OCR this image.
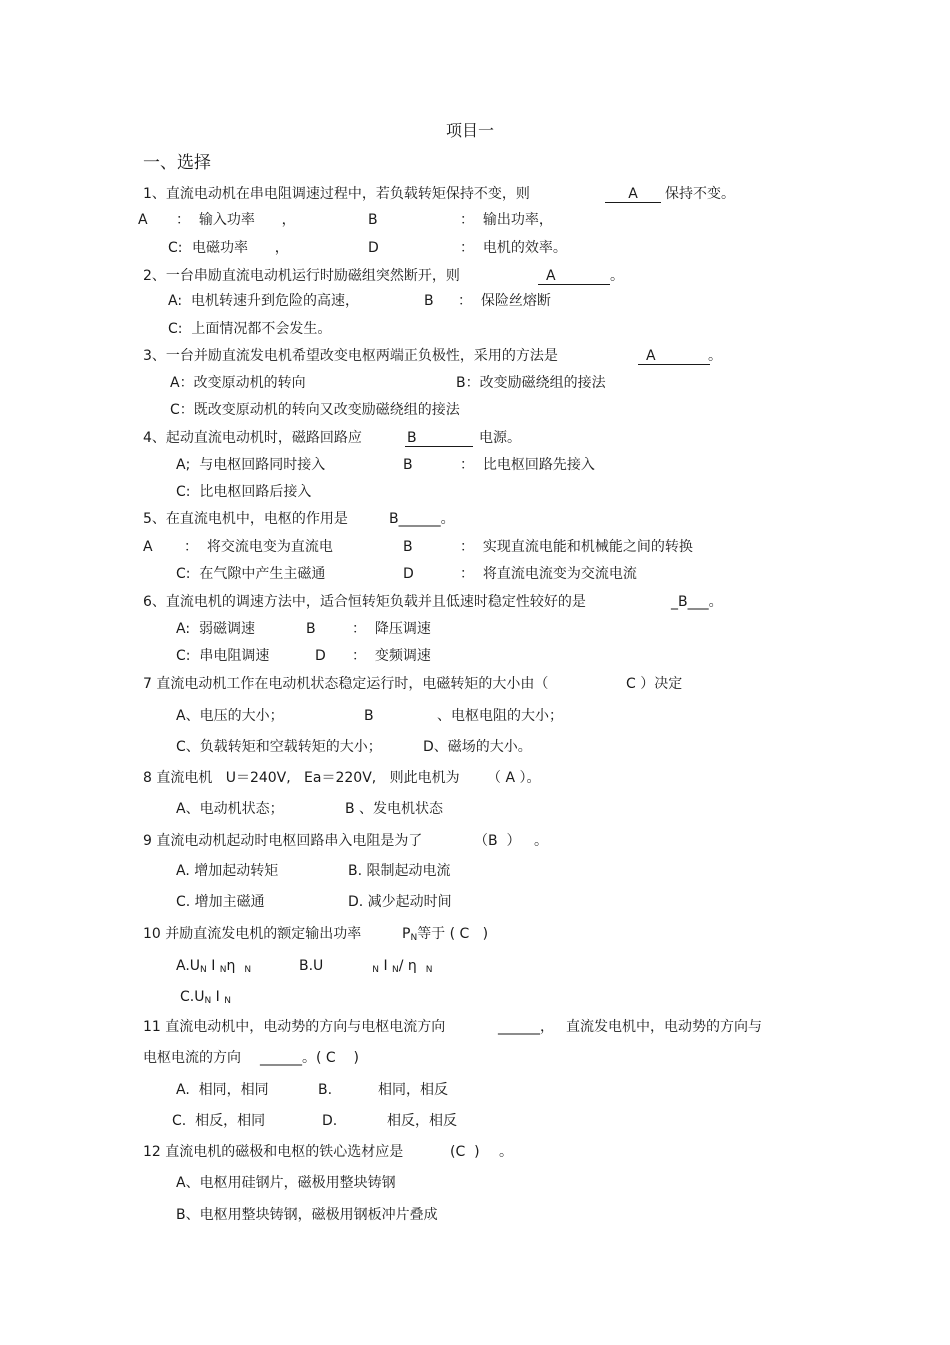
项目一
一、选择
1、直流电动机在串电阻调速过程中，若负载转矩保持不变，则	A	保持不变。
A ：  输入功率      ，	B	：  输出功率，
C: 电磁功率      ，	D	：  电机的效率。
2、一台串励直流电动机运行时励磁组突然断开，则	A	。
A:  电机转速升到危险的高速，	B ：  保险丝熔断
C:  上面情况都不会发生。
3、一台并励直流发电机希望改变电枢两端正负极性，采用的方法是	A	。
A：改变原动机的转向	B：改变励磁绕组的接法
C：既改变原动机的转向又改变励磁绕组的接法
4、起动直流电动机时，磁路回路应	B	电源。
A;  与电枢回路同时接入	B	：  比电枢回路先接入
C:  比电枢回路后接入
5、在直流电机中，电枢的作用是	B______。
A ：  将交流电变为直流电	B	：  实现直流电能和机械能之间的转换
C:  在气隙中产生主磁通	D	：  将直流电流变为交流电流
6、直流电机的调速方法中，适合恒转矩负载并且低速时稳定性较好的是	_B___。
A:  弱磁调速	B	：  降压调速
C:  串电阻调速	D ：  变频调速
7 直流电动机工作在电动机状态稳定运行时，电磁转矩的大小由（	C ）决定
A、电压的大小；	B	、电枢电阻的大小；
C、负载转矩和空载转矩的大小；	D、磁场的大小。
8 直流电机   U＝240V,   Ea＝220V,   则此电机为 （ A ）。
A、电动机状态；	B 、发电机状态
9 直流电动机起动时电枢回路串入电阻是为了	（B  ） 。
A. 增加起动转矩	B. 限制起动电流
C. 增加主磁通	D. 减少起动时间
10 并励直流发电机的额定输出功率	$P_N$等于 ( C   )
$A.U_N$ I $_N$η $_N$	B.U	$_N$ I $_N$/ η $_N$
$C.U_N$ I $_N$
11 直流电动机中，电动势的方向与电枢电流方向	______， 直流发电机中，电动势的方向与
电枢电流的方向 ______。( C    )
A.  相同，相同	B.	相同，相反
C.  相反，相同	D.	相反，相反
12 直流电机的磁极和电枢的铁心选材应是	(C  ) 。
A、电枢用硅钢片，磁极用整块铸钢
B、电枢用整块铸钢，磁极用钢板冲片叠成
